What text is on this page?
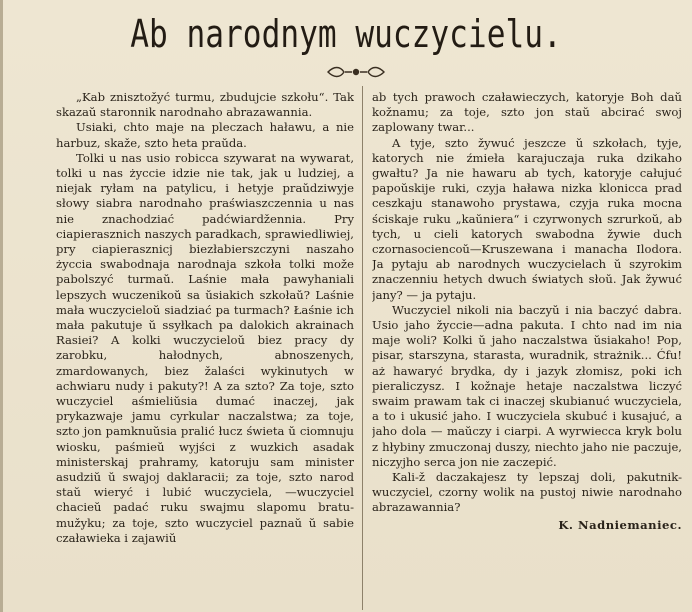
Ab narodnym wuczycielu.

„Kab znisztožyć turmu, zbudujcie szkołu“. Tak skazaŭ staronnik narodnaho abrazawannia.

Usiaki, chto maje na pleczach haławu, a nie harbuz, skaže, szto heta praŭda.

Tolki u nas usio robicca szywarat na wywarat, tolki u nas życcie idzie nie tak, jak u ludziej, a niejak ryłam na patylicu, i hetyje praŭdziwyje słowy siabra narodnaho praświaszczennia u nas nie znachodziać padćwiardženniа. Pry ciapierasznich naszych paradkach, sprawiedliwiej, pry ciapierasznicj biezłabierszczyni naszaho życcia swabodnaja narodnaja szkoła tolki može pabolszyć turmaŭ. Laśnie mała pawyhaniali lepszych wuczenikoŭ sa ŭsiakich szkołaŭ? Laśnie mała wuczycieloŭ siadziać pa turmach? Łaśnie ich mała pakutuje ŭ ssyłkach pa dalokich akrainach Rasiei? A kolki wuczycieloŭ biez pracy dy zarobku, hałodnych, abnoszenych, zmardowanych, biez žalaści wykinutych w achwiaru nudy i pakuty?! A za szto? Za toje, szto wuczyciel aśmieliŭsia dumać inaczej, jak prykazwaje jamu cyrkular naczalstwa; za toje, szto jon pamknuŭsia pralić łucz świeta ŭ ciomnuju wiosku, paśmieŭ wyjści z wuzkich asadak ministerskaj prahramy, katoruju sam minister asudziŭ ŭ swajoj daklaracii; za toje, szto narod staŭ wieryć i lubić wuczyciela, —wuczyciel chacieŭ padać ruku swajmu slapomu bratu-mužyku; za toje, szto wuczyciel paznaŭ ŭ sabie czaławieka i zajawiŭ

ab tych prawoch czaławieczych, katoryje Boh daŭ kožnamu; za toje, szto jon staŭ abcirać swoj zaplowany twar...

A tyje, szto žywuć jeszcze ŭ szkołach, tyje, katorych nie źmieła karajuczaja ruka dzikaho gwałtu? Ja nie hawaru ab tych, katoryje całujuć papoŭskije ruki, czyja haława nizka klonicca prad ceszkaju stanawoho prystawa, czyja ruka mocna ściskaje ruku „kaŭniera“ i czyrwonych szrurkoŭ, ab tych, u cieli katorych swabodna žywie duch czornasociencoŭ—Kruszewana i manacha Ilodora. Ja pytaju ab narodnych wuczycielach ŭ szyrokim znaczenniu hetych dwuch światych słoŭ. Jak žywuć jany? — ja pytaju.

Wuczyciel nikoli nia baczyŭ i nia baczyć dabra. Usio jaho žyccie—adna pakuta. I chto nad im nia maje woli? Kolki ŭ jaho naczalstwa ŭsiakaho! Pop, pisar, starszyna, starasta, wuradnik, strażnik... Ćfu! aż hawaryć brydka, dy i jazyk złomisz, poki ich pieraliczysz. I kožnaje hetaje naczalstwa liczyć swaim prawam tak ci inaczej skubianuć wuczyciela, a to i ukusić jaho. I wuczyciela skubuć i kusajuć, a jaho dola — maŭczy i ciarpi. A wyrwiecca kryk bolu z hłybiny zmuczonaj duszy, niechto jaho nie paczuje, niczyjho serca jon nie zaczepić.

Kali-ž daczakajesz ty lepszaj doli, pakutnik-wuczyciel, czorny wolik na pustoj niwie narodnaho abrazawannia?

K. Nadniemaniec.
